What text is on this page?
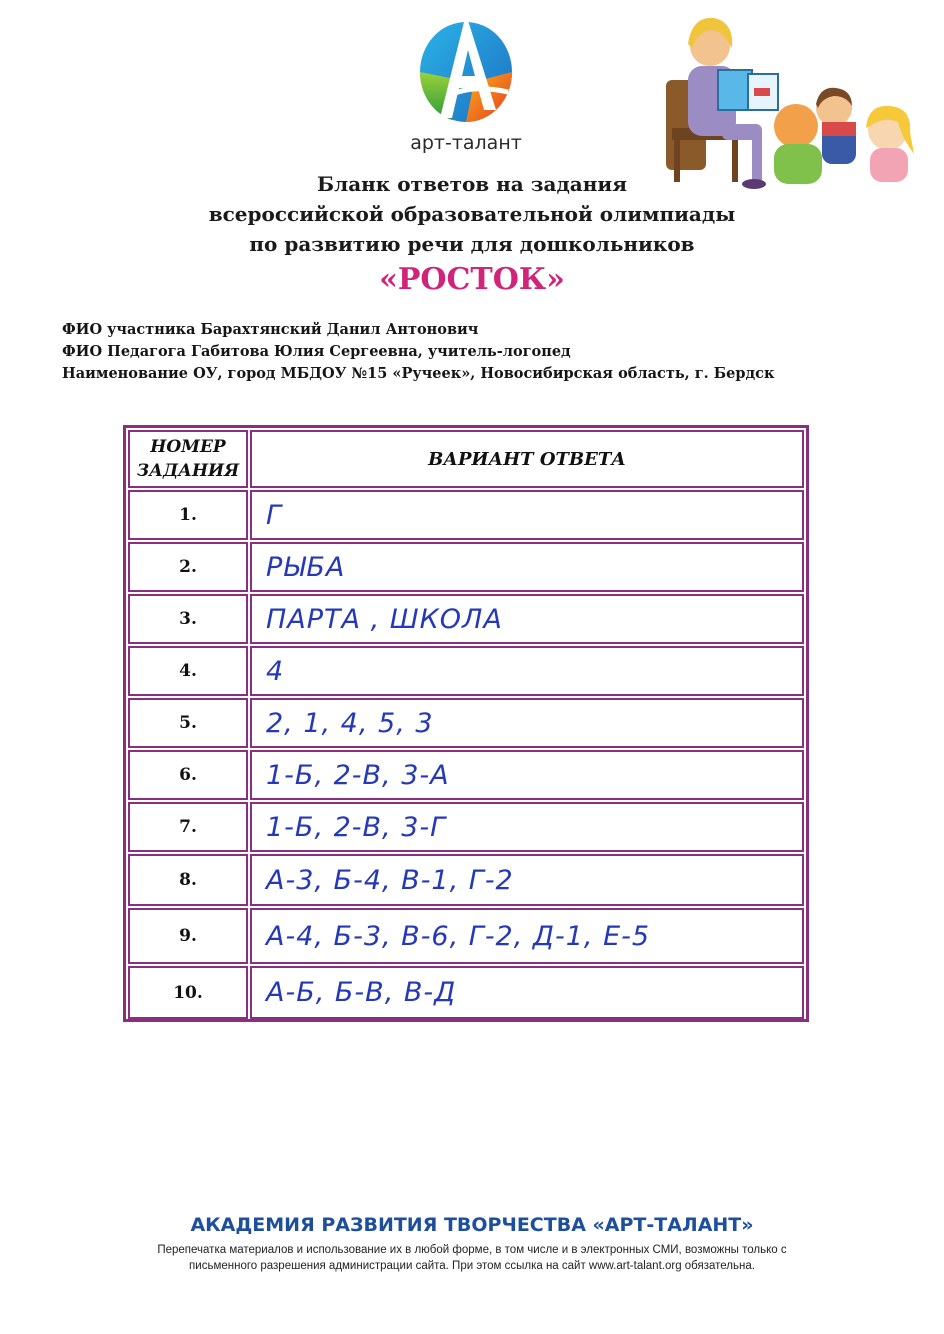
арт-талант
Бланк ответов на задания
всероссийской образовательной олимпиады
по развитию речи для дошкольников
«РОСТОК»
ФИО участника Барахтянский Данил Антонович
ФИО Педагога Габитова Юлия Сергеевна, учитель-логопед
Наименование ОУ, город МБДОУ №15 «Ручеек», Новосибирская область, г. Бердск
НОМЕР
ЗАДАНИЯ
ВАРИАНТ ОТВЕТА
1.	Г
2.	РЫБА
3.	ПАРТА , ШКОЛА
4.	4
5.	2, 1, 4, 5, 3
6.	1-Б, 2-В, 3-А
7.	1-Б, 2-В, 3-Г
8.	А-3, Б-4, В-1, Г-2
9.	А-4, Б-3, В-6, Г-2, Д-1, Е-5
10.	А-Б, Б-В, В-Д
АКАДЕМИЯ РАЗВИТИЯ ТВОРЧЕСТВА «АРТ-ТАЛАНТ»
Перепечатка материалов и использование их в любой форме, в том числе и в электронных СМИ, возможны только с
письменного разрешения администрации сайта. При этом ссылка на сайт www.art-talant.org обязательна.
